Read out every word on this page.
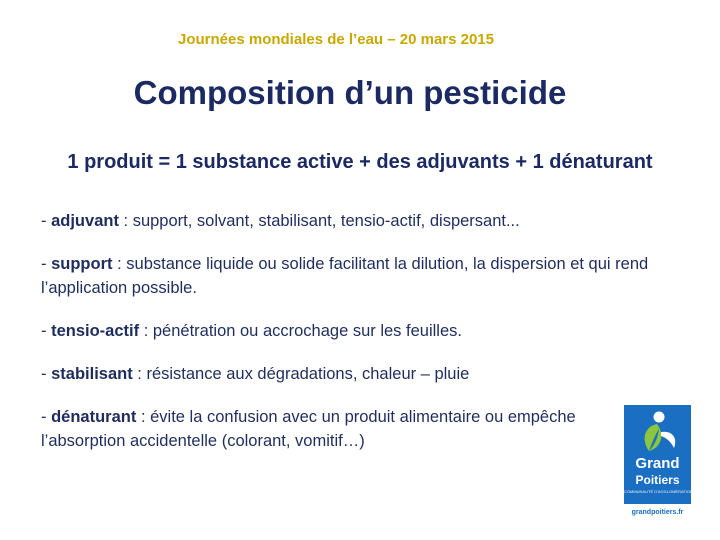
Journées mondiales de l’eau – 20 mars 2015
Composition d’un pesticide
1 produit = 1 substance active + des adjuvants + 1 dénaturant
- adjuvant : support, solvant, stabilisant, tensio-actif, dispersant...
- support : substance liquide ou solide facilitant la dilution, la dispersion et qui rend l’application possible.
- tensio-actif : pénétration ou accrochage sur les feuilles.
- stabilisant : résistance aux dégradations, chaleur – pluie
- dénaturant : évite la confusion avec un produit alimentaire ou empêche l’absorption accidentelle (colorant, vomitif…)
Grand
Poitiers
COMMUNAUTÉ D'AGGLOMÉRATION
grandpoitiers.fr
